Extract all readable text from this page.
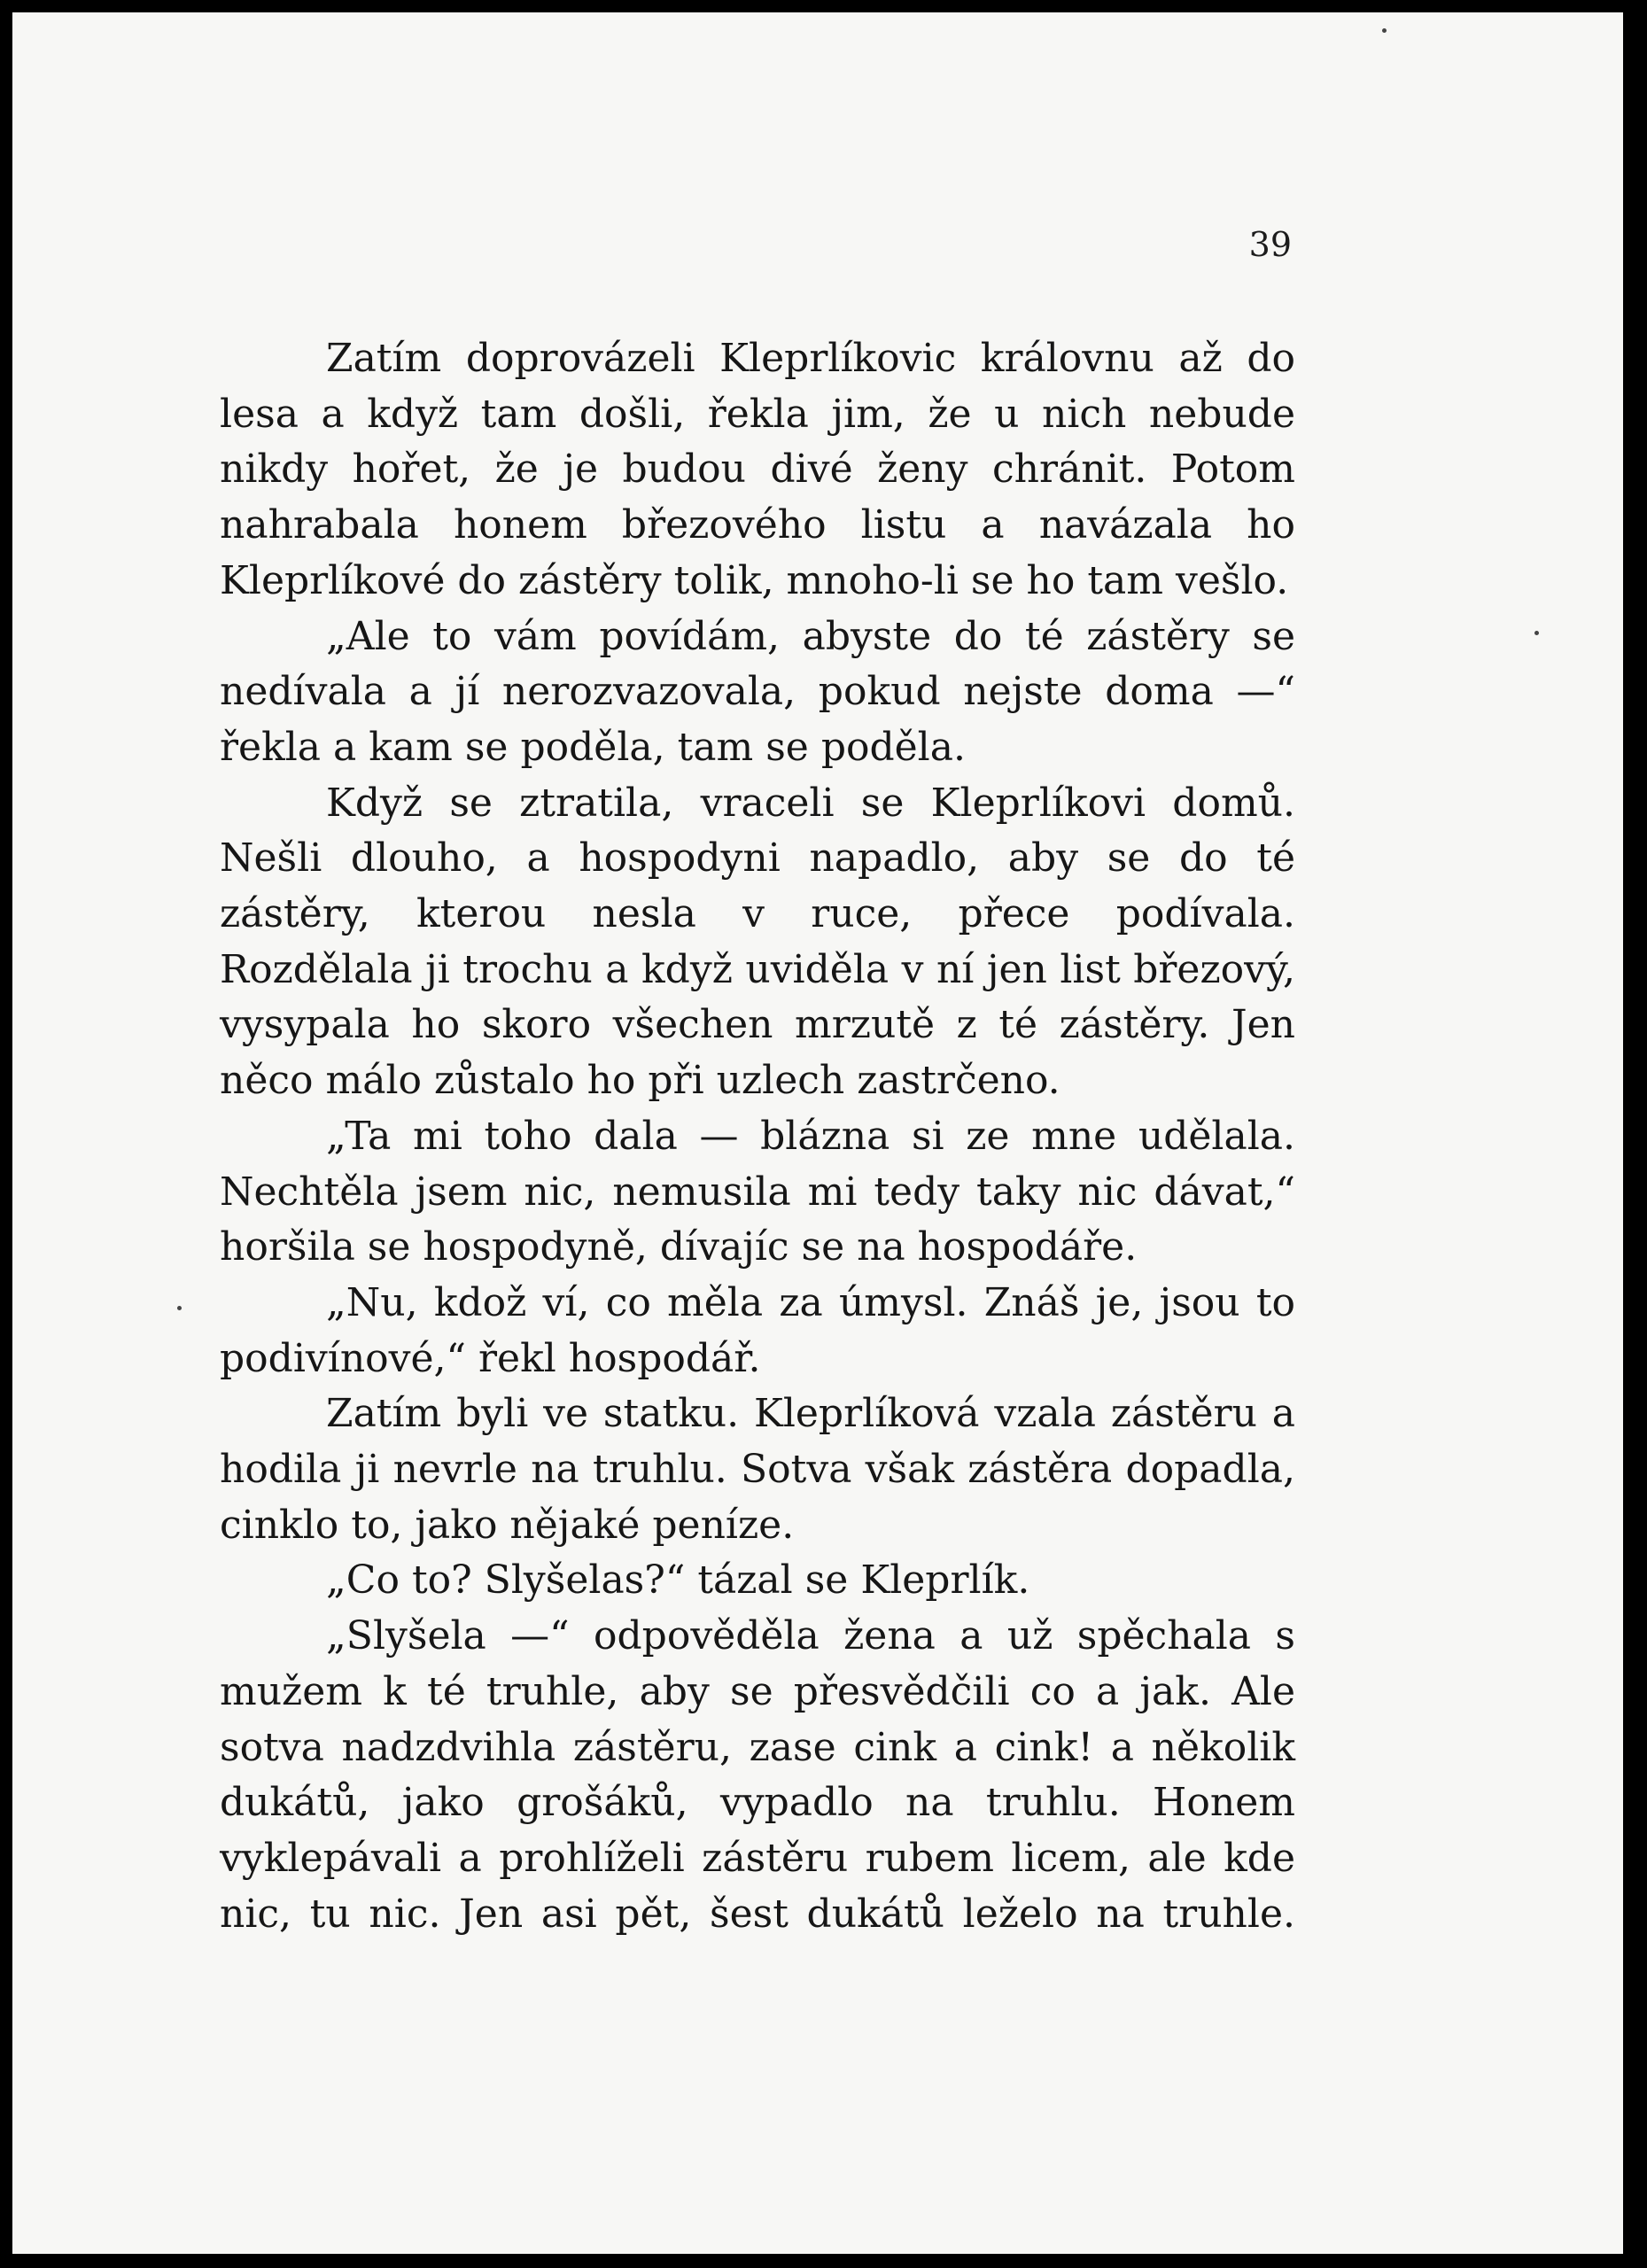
39

Zatím doprovázeli Kleprlíkovic královnu až do lesa a když tam došli, řekla jim, že u nich nebude nikdy hořet, že je budou divé ženy chránit. Potom nahrabala honem březového listu a navázala ho Kleprlíkové do zástěry tolik, mnoho-li se ho tam vešlo.

„Ale to vám povídám, abyste do té zástěry se nedívala a jí nerozvazovala, pokud nejste doma —“ řekla a kam se poděla, tam se poděla.

Když se ztratila, vraceli se Kleprlíkovi domů. Nešli dlouho, a hospodyni napadlo, aby se do té zástěry, kterou nesla v ruce, přece podívala. Rozdělala ji trochu a když uviděla v ní jen list březový, vysypala ho skoro všechen mrzutě z té zástěry. Jen něco málo zůstalo ho při uzlech zastrčeno.

„Ta mi toho dala — blázna si ze mne udělala. Nechtěla jsem nic, nemusila mi tedy taky nic dávat,“ horšila se hospodyně, dívajíc se na hospodáře.

„Nu, kdož ví, co měla za úmysl. Znáš je, jsou to podivínové,“ řekl hospodář.

Zatím byli ve statku. Kleprlíková vzala zástěru a hodila ji nevrle na truhlu. Sotva však zástěra dopadla, cinklo to, jako nějaké peníze.

„Co to? Slyšelas?“ tázal se Kleprlík.

„Slyšela —“ odpověděla žena a už spěchala s mužem k té truhle, aby se přesvědčili co a jak. Ale sotva nadzdvihla zástěru, zase cink a cink! a několik dukátů, jako grošáků, vypadlo na truhlu. Honem vyklepávali a prohlíželi zástěru rubem licem, ale kde nic, tu nic. Jen asi pět, šest dukátů leželo na truhle.
